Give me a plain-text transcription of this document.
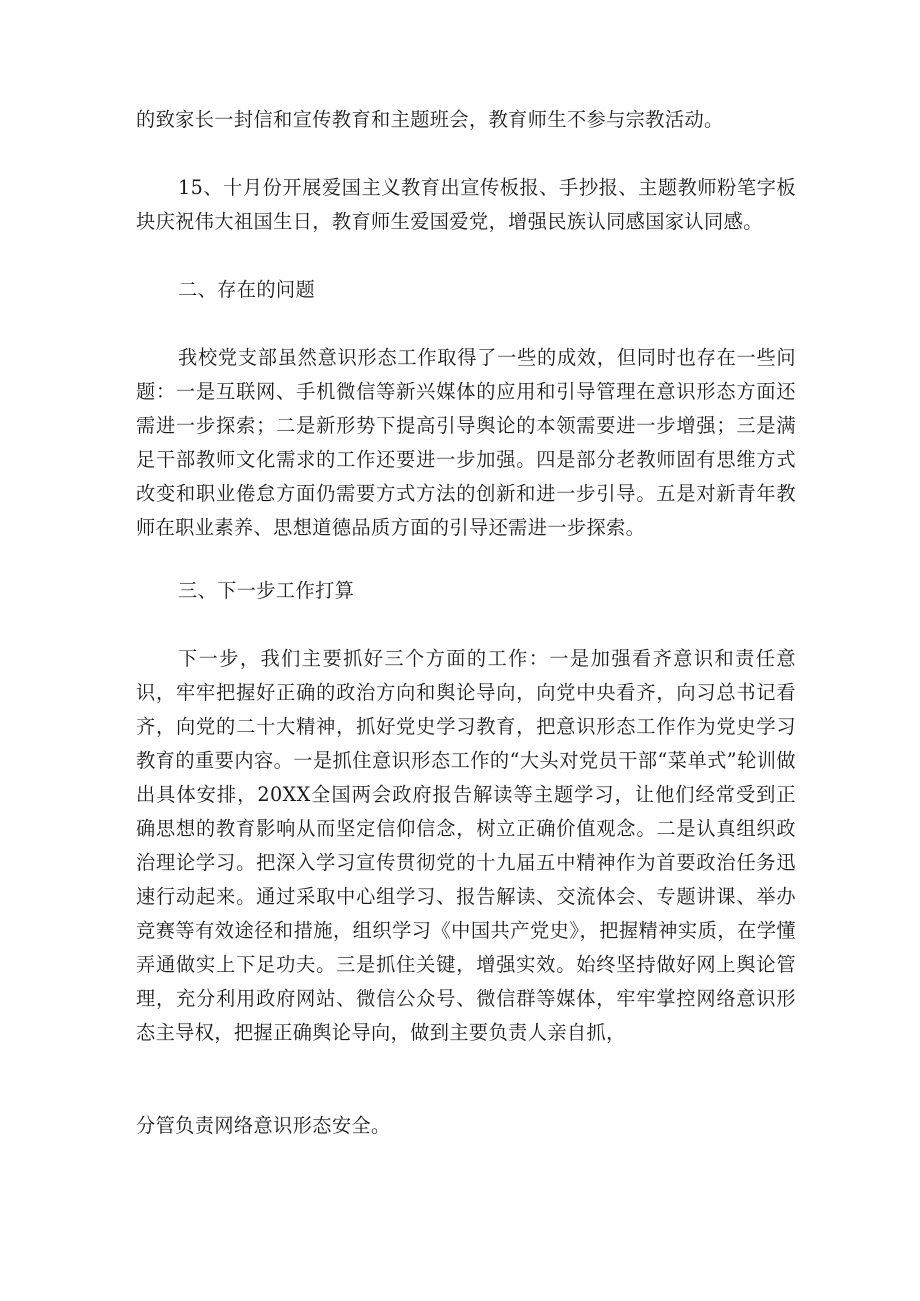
的致家长一封信和宣传教育和主题班会，教育师生不参与宗教活动。

15、十月份开展爱国主义教育出宣传板报、手抄报、主题教师粉笔字板块庆祝伟大祖国生日，教育师生爱国爱党，增强民族认同感国家认同感。

二、存在的问题

我校党支部虽然意识形态工作取得了一些的成效，但同时也存在一些问题：一是互联网、手机微信等新兴媒体的应用和引导管理在意识形态方面还需进一步探索；二是新形势下提高引导舆论的本领需要进一步增强；三是满足干部教师文化需求的工作还要进一步加强。四是部分老教师固有思维方式改变和职业倦怠方面仍需要方式方法的创新和进一步引导。五是对新青年教师在职业素养、思想道德品质方面的引导还需进一步探索。

三、下一步工作打算

下一步，我们主要抓好三个方面的工作：一是加强看齐意识和责任意识，牢牢把握好正确的政治方向和舆论导向，向党中央看齐，向习总书记看齐，向党的二十大精神，抓好党史学习教育，把意识形态工作作为党史学习教育的重要内容。一是抓住意识形态工作的“大头对党员干部“菜单式”轮训做出具体安排，20XX全国两会政府报告解读等主题学习，让他们经常受到正确思想的教育影响从而坚定信仰信念，树立正确价值观念。二是认真组织政治理论学习。把深入学习宣传贯彻党的十九届五中精神作为首要政治任务迅速行动起来。通过采取中心组学习、报告解读、交流体会、专题讲课、举办竞赛等有效途径和措施，组织学习《中国共产党史》，把握精神实质，在学懂弄通做实上下足功夫。三是抓住关键，增强实效。始终坚持做好网上舆论管理，充分利用政府网站、微信公众号、微信群等媒体，牢牢掌控网络意识形态主导权，把握正确舆论导向，做到主要负责人亲自抓，

分管负责网络意识形态安全。
